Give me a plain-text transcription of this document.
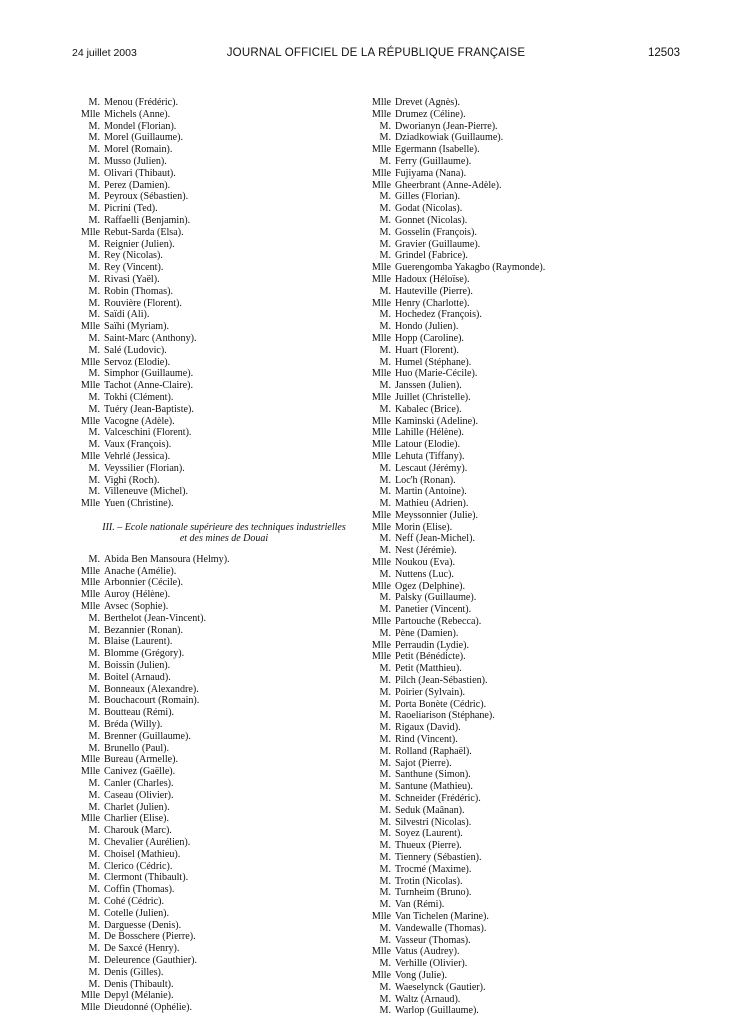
24 juillet 2003	JOURNAL OFFICIEL DE LA RÉPUBLIQUE FRANÇAISE	12503
M. Menou (Frédéric).
Mlle Michels (Anne).
M. Mondel (Florian).
M. Morel (Guillaume).
M. Morel (Romain).
M. Musso (Julien).
M. Olivari (Thibaut).
M. Perez (Damien).
M. Peyroux (Sébastien).
M. Picrini (Ted).
M. Raffaelli (Benjamin).
Mlle Rebut-Sarda (Elsa).
M. Reignier (Julien).
M. Rey (Nicolas).
M. Rey (Vincent).
M. Rivasi (Yaël).
M. Robin (Thomas).
M. Rouvière (Florent).
M. Saïdi (Ali).
Mlle Saïhi (Myriam).
M. Saint-Marc (Anthony).
M. Salé (Ludovic).
Mlle Servoz (Elodie).
M. Simphor (Guillaume).
Mlle Tachot (Anne-Claire).
M. Tokhi (Clément).
M. Tuéry (Jean-Baptiste).
Mlle Vacogne (Adèle).
M. Valceschini (Florent).
M. Vaux (François).
Mlle Vehrlé (Jessica).
M. Veyssilier (Florian).
M. Vighi (Roch).
M. Villeneuve (Michel).
Mlle Yuen (Christine).
III. – Ecole nationale supérieure des techniques industrielles
et des mines de Douai
M. Abida Ben Mansoura (Helmy).
Mlle Anache (Amélie).
Mlle Arbonnier (Cécile).
Mlle Auroy (Hélène).
Mlle Avsec (Sophie).
M. Berthelot (Jean-Vincent).
M. Bezannier (Ronan).
M. Blaise (Laurent).
M. Blomme (Grégory).
M. Boissin (Julien).
M. Boitel (Arnaud).
M. Bonneaux (Alexandre).
M. Bouchacourt (Romain).
M. Boutteau (Rémi).
M. Bréda (Willy).
M. Brenner (Guillaume).
M. Brunello (Paul).
Mlle Bureau (Armelle).
Mlle Canivez (Gaëlle).
M. Canler (Charles).
M. Caseau (Olivier).
M. Charlet (Julien).
Mlle Charlier (Elise).
M. Charouk (Marc).
M. Chevalier (Aurélien).
M. Choisel (Mathieu).
M. Clerico (Cédric).
M. Clermont (Thibault).
M. Coffin (Thomas).
M. Cohé (Cédric).
M. Cotelle (Julien).
M. Darguesse (Denis).
M. De Bosschere (Pierre).
M. De Saxcé (Henry).
M. Deleurence (Gauthier).
M. Denis (Gilles).
M. Denis (Thibault).
Mlle Depyl (Mélanie).
Mlle Dieudonné (Ophélie).
Mlle Drevet (Agnès).
Mlle Drumez (Céline).
M. Dworianyn (Jean-Pierre).
M. Dziadkowiak (Guillaume).
Mlle Egermann (Isabelle).
M. Ferry (Guillaume).
Mlle Fujiyama (Nana).
Mlle Gheerbrant (Anne-Adèle).
M. Gilles (Florian).
M. Godat (Nicolas).
M. Gonnet (Nicolas).
M. Gosselin (François).
M. Gravier (Guillaume).
M. Grindel (Fabrice).
Mlle Guerengomba Yakagbo (Raymonde).
Mlle Hadoux (Héloïse).
M. Hauteville (Pierre).
Mlle Henry (Charlotte).
M. Hochedez (François).
M. Hondo (Julien).
Mlle Hopp (Caroline).
M. Huart (Florent).
M. Humel (Stéphane).
Mlle Huo (Marie-Cécile).
M. Janssen (Julien).
Mlle Juillet (Christelle).
M. Kabalec (Brice).
Mlle Kaminski (Adeline).
Mlle Lahille (Hélène).
Mlle Latour (Elodie).
Mlle Lehuta (Tiffany).
M. Lescaut (Jérémy).
M. Loc'h (Ronan).
M. Martin (Antoine).
M. Mathieu (Adrien).
Mlle Meyssonnier (Julie).
Mlle Morin (Elise).
M. Neff (Jean-Michel).
M. Nest (Jérémie).
Mlle Noukou (Eva).
M. Nuttens (Luc).
Mlle Ogez (Delphine).
M. Palsky (Guillaume).
M. Panetier (Vincent).
Mlle Partouche (Rebecca).
M. Pène (Damien).
Mlle Perraudin (Lydie).
Mlle Petit (Bénédicte).
M. Petit (Matthieu).
M. Pilch (Jean-Sébastien).
M. Poirier (Sylvain).
M. Porta Bonète (Cédric).
M. Raoeliarison (Stéphane).
M. Rigaux (David).
M. Rind (Vincent).
M. Rolland (Raphaël).
M. Sajot (Pierre).
M. Santhune (Simon).
M. Santune (Mathieu).
M. Schneider (Frédéric).
M. Seduk (Maânan).
M. Silvestri (Nicolas).
M. Soyez (Laurent).
M. Thueux (Pierre).
M. Tiennery (Sébastien).
M. Trocmé (Maxime).
M. Trotin (Nicolas).
M. Turnheim (Bruno).
M. Van (Rémi).
Mlle Van Tichelen (Marine).
M. Vandewalle (Thomas).
M. Vasseur (Thomas).
Mlle Vatus (Audrey).
M. Verhille (Olivier).
Mlle Vong (Julie).
M. Waeselynck (Gautier).
M. Waltz (Arnaud).
M. Warlop (Guillaume).
